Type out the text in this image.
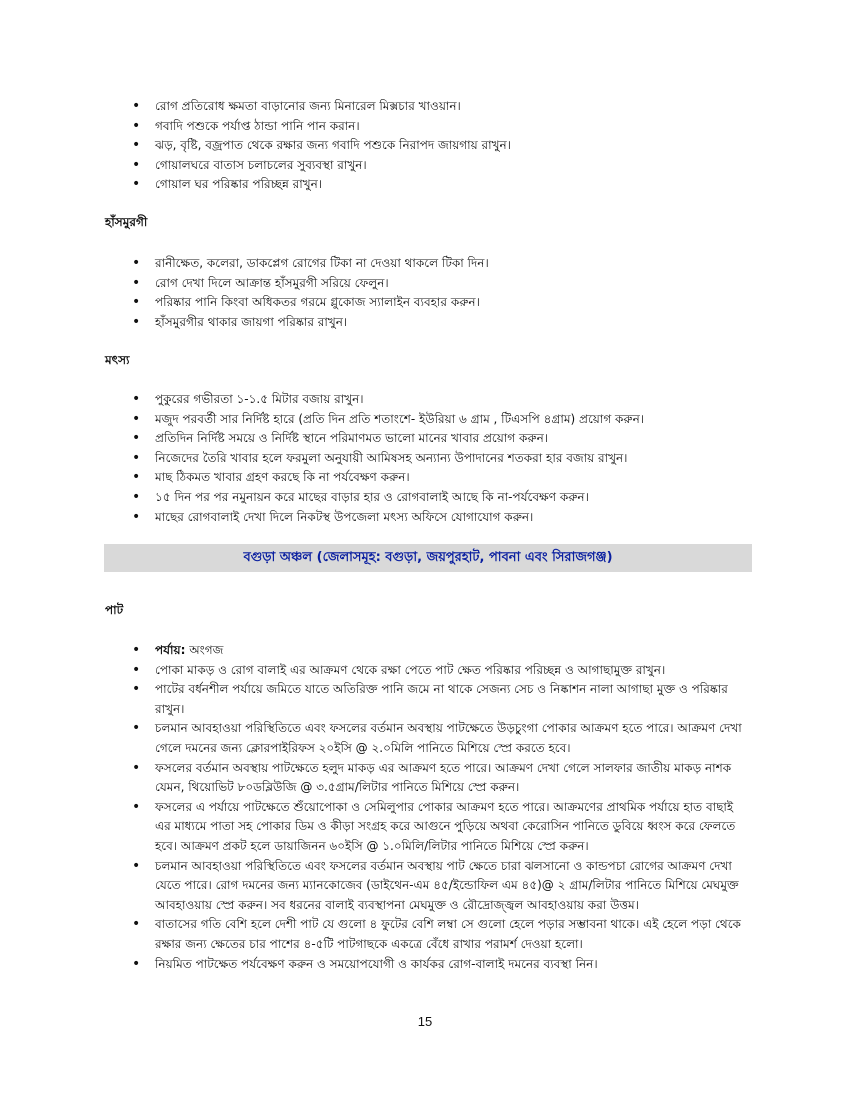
• রোগ প্রতিরোধ ক্ষমতা বাড়ানোর জন্য মিনারেল মিক্সচার খাওয়ান।
• গবাদি পশুকে পর্যাপ্ত ঠান্ডা পানি পান করান।
• ঝড়, বৃষ্টি, বজ্রপাত থেকে রক্ষার জন্য গবাদি পশুকে নিরাপদ জায়গায় রাখুন।
• গোয়ালঘরে বাতাস চলাচলের সুব্যবস্থা রাখুন।
• গোয়াল ঘর পরিষ্কার পরিচ্ছন্ন রাখুন।
হাঁসমুরগী
• রানীক্ষেত, কলেরা, ডাকপ্লেগ রোগের টিকা না দেওয়া থাকলে টিকা দিন।
• রোগ দেখা দিলে আক্রান্ত হাঁসমুরগী সরিয়ে ফেলুন।
• পরিষ্কার পানি কিংবা অধিকতর গরমে গ্লুকোজ স্যালাইন ব্যবহার করুন।
• হাঁসমুরগীর থাকার জায়গা পরিষ্কার রাখুন।
মৎস্য
• পুকুরের গভীরতা ১-১.৫ মিটার বজায় রাখুন।
• মজুদ পরবর্তী সার নির্দিষ্ট হারে (প্রতি দিন প্রতি শতাংশে- ইউরিয়া ৬ গ্রাম , টিএসপি ৪গ্রাম) প্রয়োগ করুন।
• প্রতিদিন নির্দিষ্ট সময়ে ও নির্দিষ্ট স্থানে পরিমাণমত ভালো মানের খাবার প্রয়োগ করুন।
• নিজেদের তৈরি খাবার হলে ফরমুলা অনুযায়ী আমিষসহ অন্যান্য উপাদানের শতকরা হার বজায় রাখুন।
• মাছ ঠিকমত খাবার গ্রহণ করছে কি না পর্যবেক্ষণ করুন।
• ১৫ দিন পর পর নমুনায়ন করে মাছের বাড়ার হার ও রোগবালাই আছে কি না-পর্যবেক্ষণ করুন।
• মাছের রোগবালাই দেখা দিলে নিকটস্থ উপজেলা মৎস্য অফিসে যোগাযোগ করুন।
বগুড়া অঞ্চল (জেলাসমূহ: বগুড়া, জয়পুরহাট, পাবনা এবং সিরাজগঞ্জ)
পাট
• পর্যায়: অংগজ
• পোকা মাকড় ও রোগ বালাই এর আক্রমণ থেকে রক্ষা পেতে পাট ক্ষেত পরিষ্কার পরিচ্ছন্ন ও আগাছামুক্ত রাখুন।
• পাটের বর্ধনশীল পর্যায়ে জমিতে যাতে অতিরিক্ত পানি জমে না থাকে সেজন্য সেচ ও নিষ্কাশন নালা আগাছা মুক্ত ও পরিষ্কার রাখুন।
• চলমান আবহাওয়া পরিস্থিতিতে এবং ফসলের বর্তমান অবস্থায় পাটক্ষেতে উড়চুংগা পোকার আক্রমণ হতে পারে। আক্রমণ দেখা গেলে দমনের জন্য ক্লোরপাইরিফস ২০ইসি @ ২.০মিলি পানিতে মিশিয়ে স্প্রে করতে হবে।
• ফসলের বর্তমান অবস্থায় পাটক্ষেতে হলুদ মাকড় এর আক্রমণ হতে পারে। আক্রমণ দেখা গেলে সালফার জাতীয় মাকড় নাশক যেমন, থিয়োভিট ৮০ডব্লিউজি @ ৩.৫গ্রাম/লিটার পানিতে মিশিয়ে স্প্রে করুন।
• ফসলের এ পর্যায়ে পাটক্ষেতে শুঁয়োপোকা ও সেমিলুপার পোকার আক্রমণ হতে পারে। আক্রমণের প্রাথমিক পর্যায়ে হাত বাছাই এর মাধ্যমে পাতা সহ পোকার ডিম ও কীড়া সংগ্রহ করে আগুনে পুড়িয়ে অথবা কেরোসিন পানিতে ডুবিয়ে ধ্বংস করে ফেলতে হবে। আক্রমণ প্রকট হলে ডায়াজিনন ৬০ইসি @ ১.০মিলি/লিটার পানিতে মিশিয়ে স্প্রে করুন।
• চলমান আবহাওয়া পরিস্থিতিতে এবং ফসলের বর্তমান অবস্থায় পাট ক্ষেতে চারা ঝলসানো ও কান্ডপচা রোগের আক্রমণ দেখা যেতে পারে। রোগ দমনের জন্য ম্যানকোজেব (ডাইথেন-এম ৪৫/ইন্ডোফিল এম ৪৫)@ ২ গ্রাম/লিটার পানিতে মিশিয়ে মেঘমুক্ত আবহাওয়ায় স্প্রে করুন। সব ধরনের বালাই ব্যবস্থাপনা মেঘমুক্ত ও রৌদ্রোজ্জ্বল আবহাওয়ায় করা উত্তম।
• বাতাসের গতি বেশি হলে দেশী পাট যে গুলো ৪ ফুটের বেশি লম্বা সে গুলো হেলে পড়ার সম্ভাবনা থাকে। এই হেলে পড়া থেকে রক্ষার জন্য ক্ষেতের চার পাশের ৪-৫টি পাটগাছকে একত্রে বেঁধে রাখার পরামর্শ দেওয়া হলো।
• নিয়মিত পাটক্ষেত পর্যবেক্ষণ করুন ও সময়োপযোগী ও কার্যকর রোগ-বালাই দমনের ব্যবস্থা নিন।
15
